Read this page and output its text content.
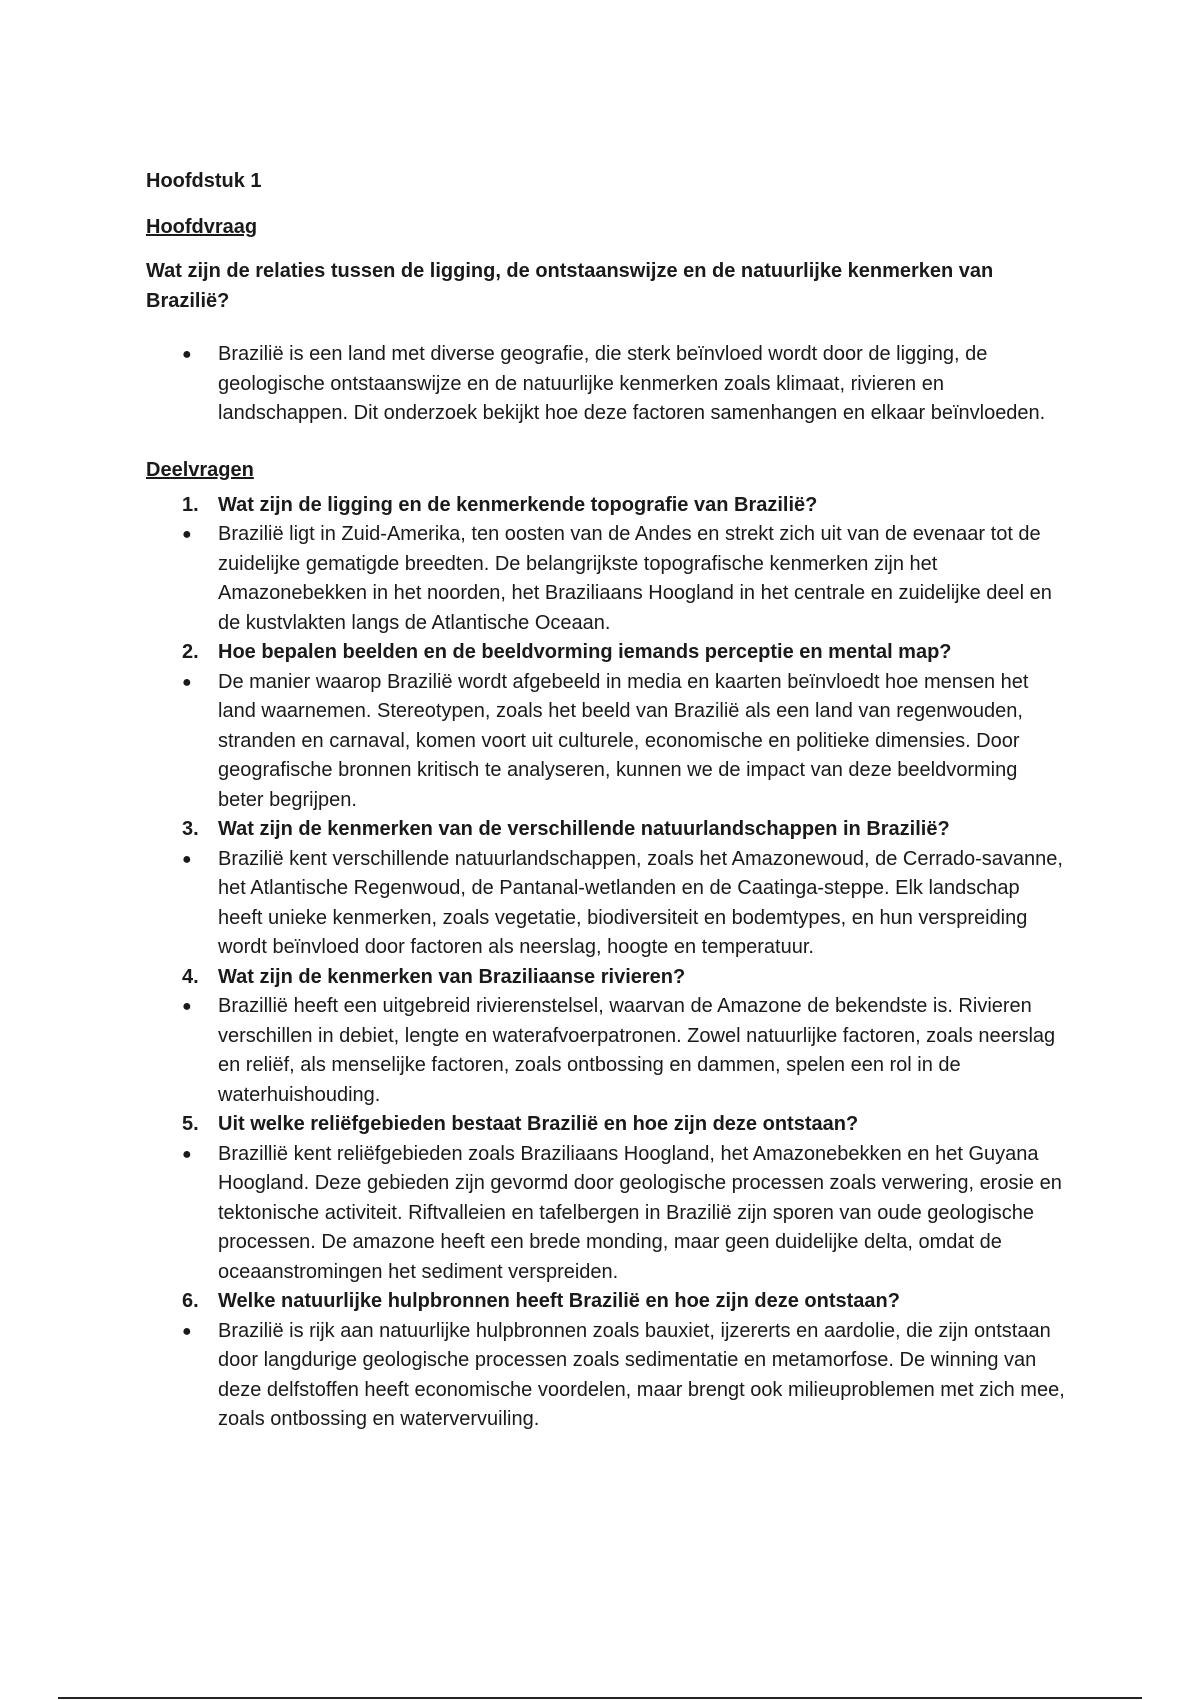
Hoofdstuk 1
Hoofdvraag

Wat zijn de relaties tussen de ligging, de ontstaanswijze en de natuurlijke kenmerken van Brazilië?

● Brazilië is een land met diverse geografie, die sterk beïnvloed wordt door de ligging, de geologische ontstaanswijze en de natuurlijke kenmerken zoals klimaat, rivieren en landschappen. Dit onderzoek bekijkt hoe deze factoren samenhangen en elkaar beïnvloeden.
Deelvragen

1. Wat zijn de ligging en de kenmerkende topografie van Brazilië?

● Brazilië ligt in Zuid-Amerika, ten oosten van de Andes en strekt zich uit van de evenaar tot de zuidelijke gematigde breedten. De belangrijkste topografische kenmerken zijn het Amazonebekken in het noorden, het Braziliaans Hoogland in het centrale en zuidelijke deel en de kustvlakten langs de Atlantische Oceaan.

2. Hoe bepalen beelden en de beeldvorming iemands perceptie en mental map?

● De manier waarop Brazilië wordt afgebeeld in media en kaarten beïnvloedt hoe mensen het land waarnemen. Stereotypen, zoals het beeld van Brazilië als een land van regenwouden, stranden en carnaval, komen voort uit culturele, economische en politieke dimensies. Door geografische bronnen kritisch te analyseren, kunnen we de impact van deze beeldvorming beter begrijpen.

3. Wat zijn de kenmerken van de verschillende natuurlandschappen in Brazilië?

● Brazilië kent verschillende natuurlandschappen, zoals het Amazonewoud, de Cerrado-savanne, het Atlantische Regenwoud, de Pantanal-wetlanden en de Caatinga-steppe. Elk landschap heeft unieke kenmerken, zoals vegetatie, biodiversiteit en bodemtypes, en hun verspreiding wordt beïnvloed door factoren als neerslag, hoogte en temperatuur.

4. Wat zijn de kenmerken van Braziliaanse rivieren?

● Brazillië heeft een uitgebreid rivierenstelsel, waarvan de Amazone de bekendste is. Rivieren verschillen in debiet, lengte en waterafvoerpatronen. Zowel natuurlijke factoren, zoals neerslag en reliëf, als menselijke factoren, zoals ontbossing en dammen, spelen een rol in de waterhuishouding.

5. Uit welke reliëfgebieden bestaat Brazilië en hoe zijn deze ontstaan?

● Brazillië kent reliëfgebieden zoals Braziliaans Hoogland, het Amazonebekken en het Guyana Hoogland. Deze gebieden zijn gevormd door geologische processen zoals verwering, erosie en tektonische activiteit. Riftvalleien en tafelbergen in Brazilië zijn sporen van oude geologische processen. De amazone heeft een brede monding, maar geen duidelijke delta, omdat de oceaanstromingen het sediment verspreiden.

6. Welke natuurlijke hulpbronnen heeft Brazilië en hoe zijn deze ontstaan?

● Brazilië is rijk aan natuurlijke hulpbronnen zoals bauxiet, ijzererts en aardolie, die zijn ontstaan door langdurige geologische processen zoals sedimentatie en metamorfose. De winning van deze delfstoffen heeft economische voordelen, maar brengt ook milieuproblemen met zich mee, zoals ontbossing en watervervuiling.
